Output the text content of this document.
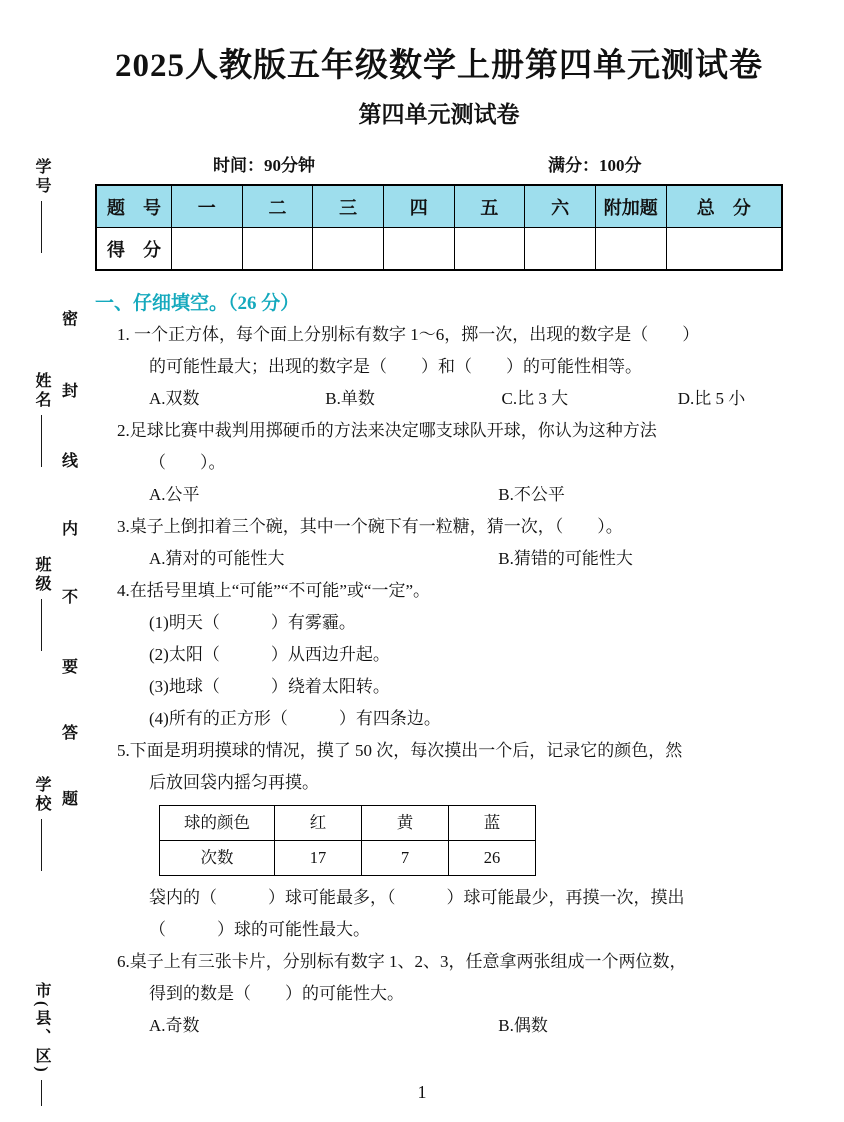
学号
姓名
班级
学校
市(县、区)
密
封
线
内
不
要
答
题
2025人教版五年级数学上册第四单元测试卷
第四单元测试卷
时间：90分钟	满分：100分
题　号	一	二	三	四	五	六	附加题	总　分
得　分								
一、仔细填空。（26 分）
1. 一个正方体，每个面上分别标有数字 1～6，掷一次，出现的数字是（　　）
的可能性最大；出现的数字是（　　）和（　　）的可能性相等。
A.双数	B.单数	C.比 3 大	D.比 5 小
2.足球比赛中裁判用掷硬币的方法来决定哪支球队开球，你认为这种方法
（　　）。
A.公平	B.不公平
3.桌子上倒扣着三个碗，其中一个碗下有一粒糖，猜一次，（　　）。
A.猜对的可能性大	B.猜错的可能性大
4.在括号里填上“可能”“不可能”或“一定”。
(1)明天（　　　）有雾霾。
(2)太阳（　　　）从西边升起。
(3)地球（　　　）绕着太阳转。
(4)所有的正方形（　　　）有四条边。
5.下面是玥玥摸球的情况，摸了 50 次，每次摸出一个后，记录它的颜色，然
后放回袋内摇匀再摸。
球的颜色	红	黄	蓝
次数	17	7	26
袋内的（　　　）球可能最多，（　　　）球可能最少，再摸一次，摸出
（　　　）球的可能性最大。
6.桌子上有三张卡片，分别标有数字 1、2、3，任意拿两张组成一个两位数，
得到的数是（　　）的可能性大。
A.奇数	B.偶数
1
